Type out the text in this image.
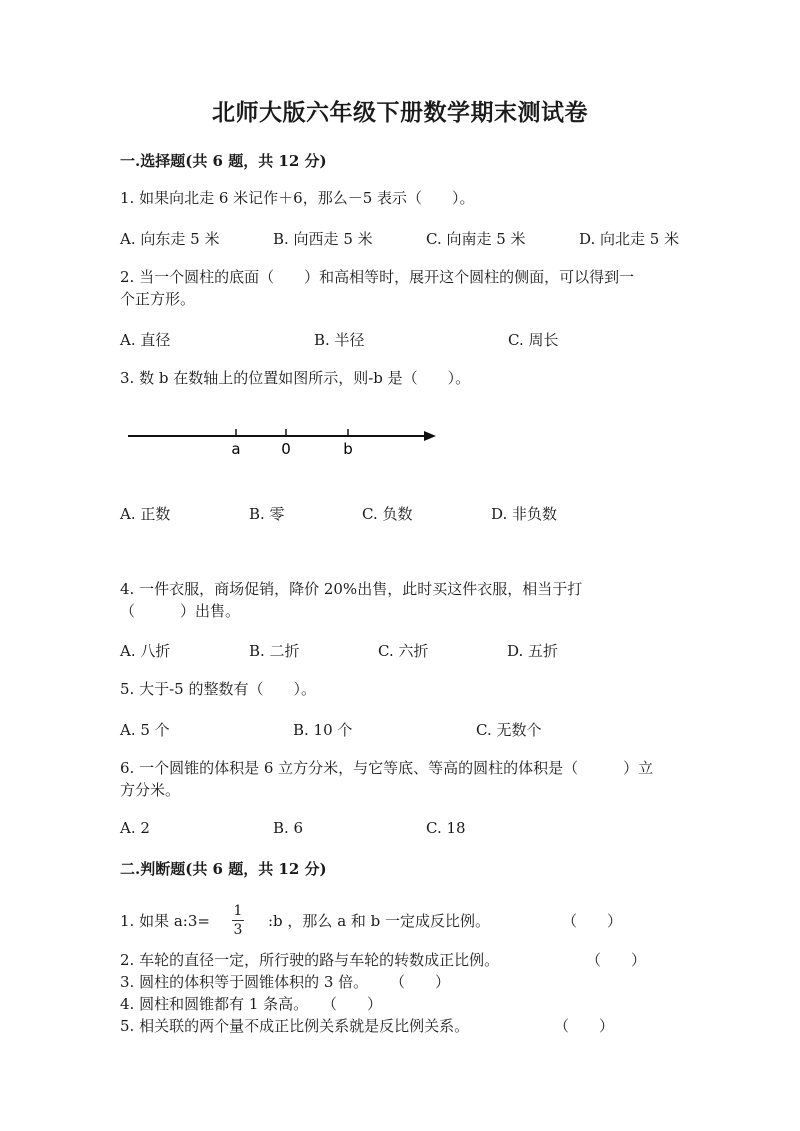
北师大版六年级下册数学期末测试卷
一.选择题(共 6 题，共 12 分)
1. 如果向北走 6 米记作＋6，那么－5 表示（　　）。
A. 向东走 5 米	B. 向西走 5 米	C. 向南走 5 米	D. 向北走 5 米
2. 当一个圆柱的底面（　　）和高相等时，展开这个圆柱的侧面，可以得到一
个正方形。
A. 直径	B. 半径	C. 周长
3. 数 b 在数轴上的位置如图所示，则-b 是（　　）。
a	0	b
A. 正数	B. 零	C. 负数	D. 非负数
4. 一件衣服，商场促销，降价 20%出售，此时买这件衣服，相当于打
（　　　）出售。
A. 八折	B. 二折	C. 六折	D. 五折
5. 大于-5 的整数有（　　）。
A. 5 个	B. 10 个	C. 无数个
6. 一个圆锥的体积是 6 立方分米，与它等底、等高的圆柱的体积是（　　　）立
方分米。
A. 2	B. 6	C. 18
二.判断题(共 6 题，共 12 分)
1. 如果 a:3=
1
3 :b ，那么 a 和 b 一定成反比例。	（　　）
2. 车轮的直径一定，所行驶的路与车轮的转数成正比例。	（　　）
3. 圆柱的体积等于圆锥体积的 3 倍。 （　　）
4. 圆柱和圆锥都有 1 条高。 （　　）
5. 相关联的两个量不成正比例关系就是反比例关系。	（　　）
